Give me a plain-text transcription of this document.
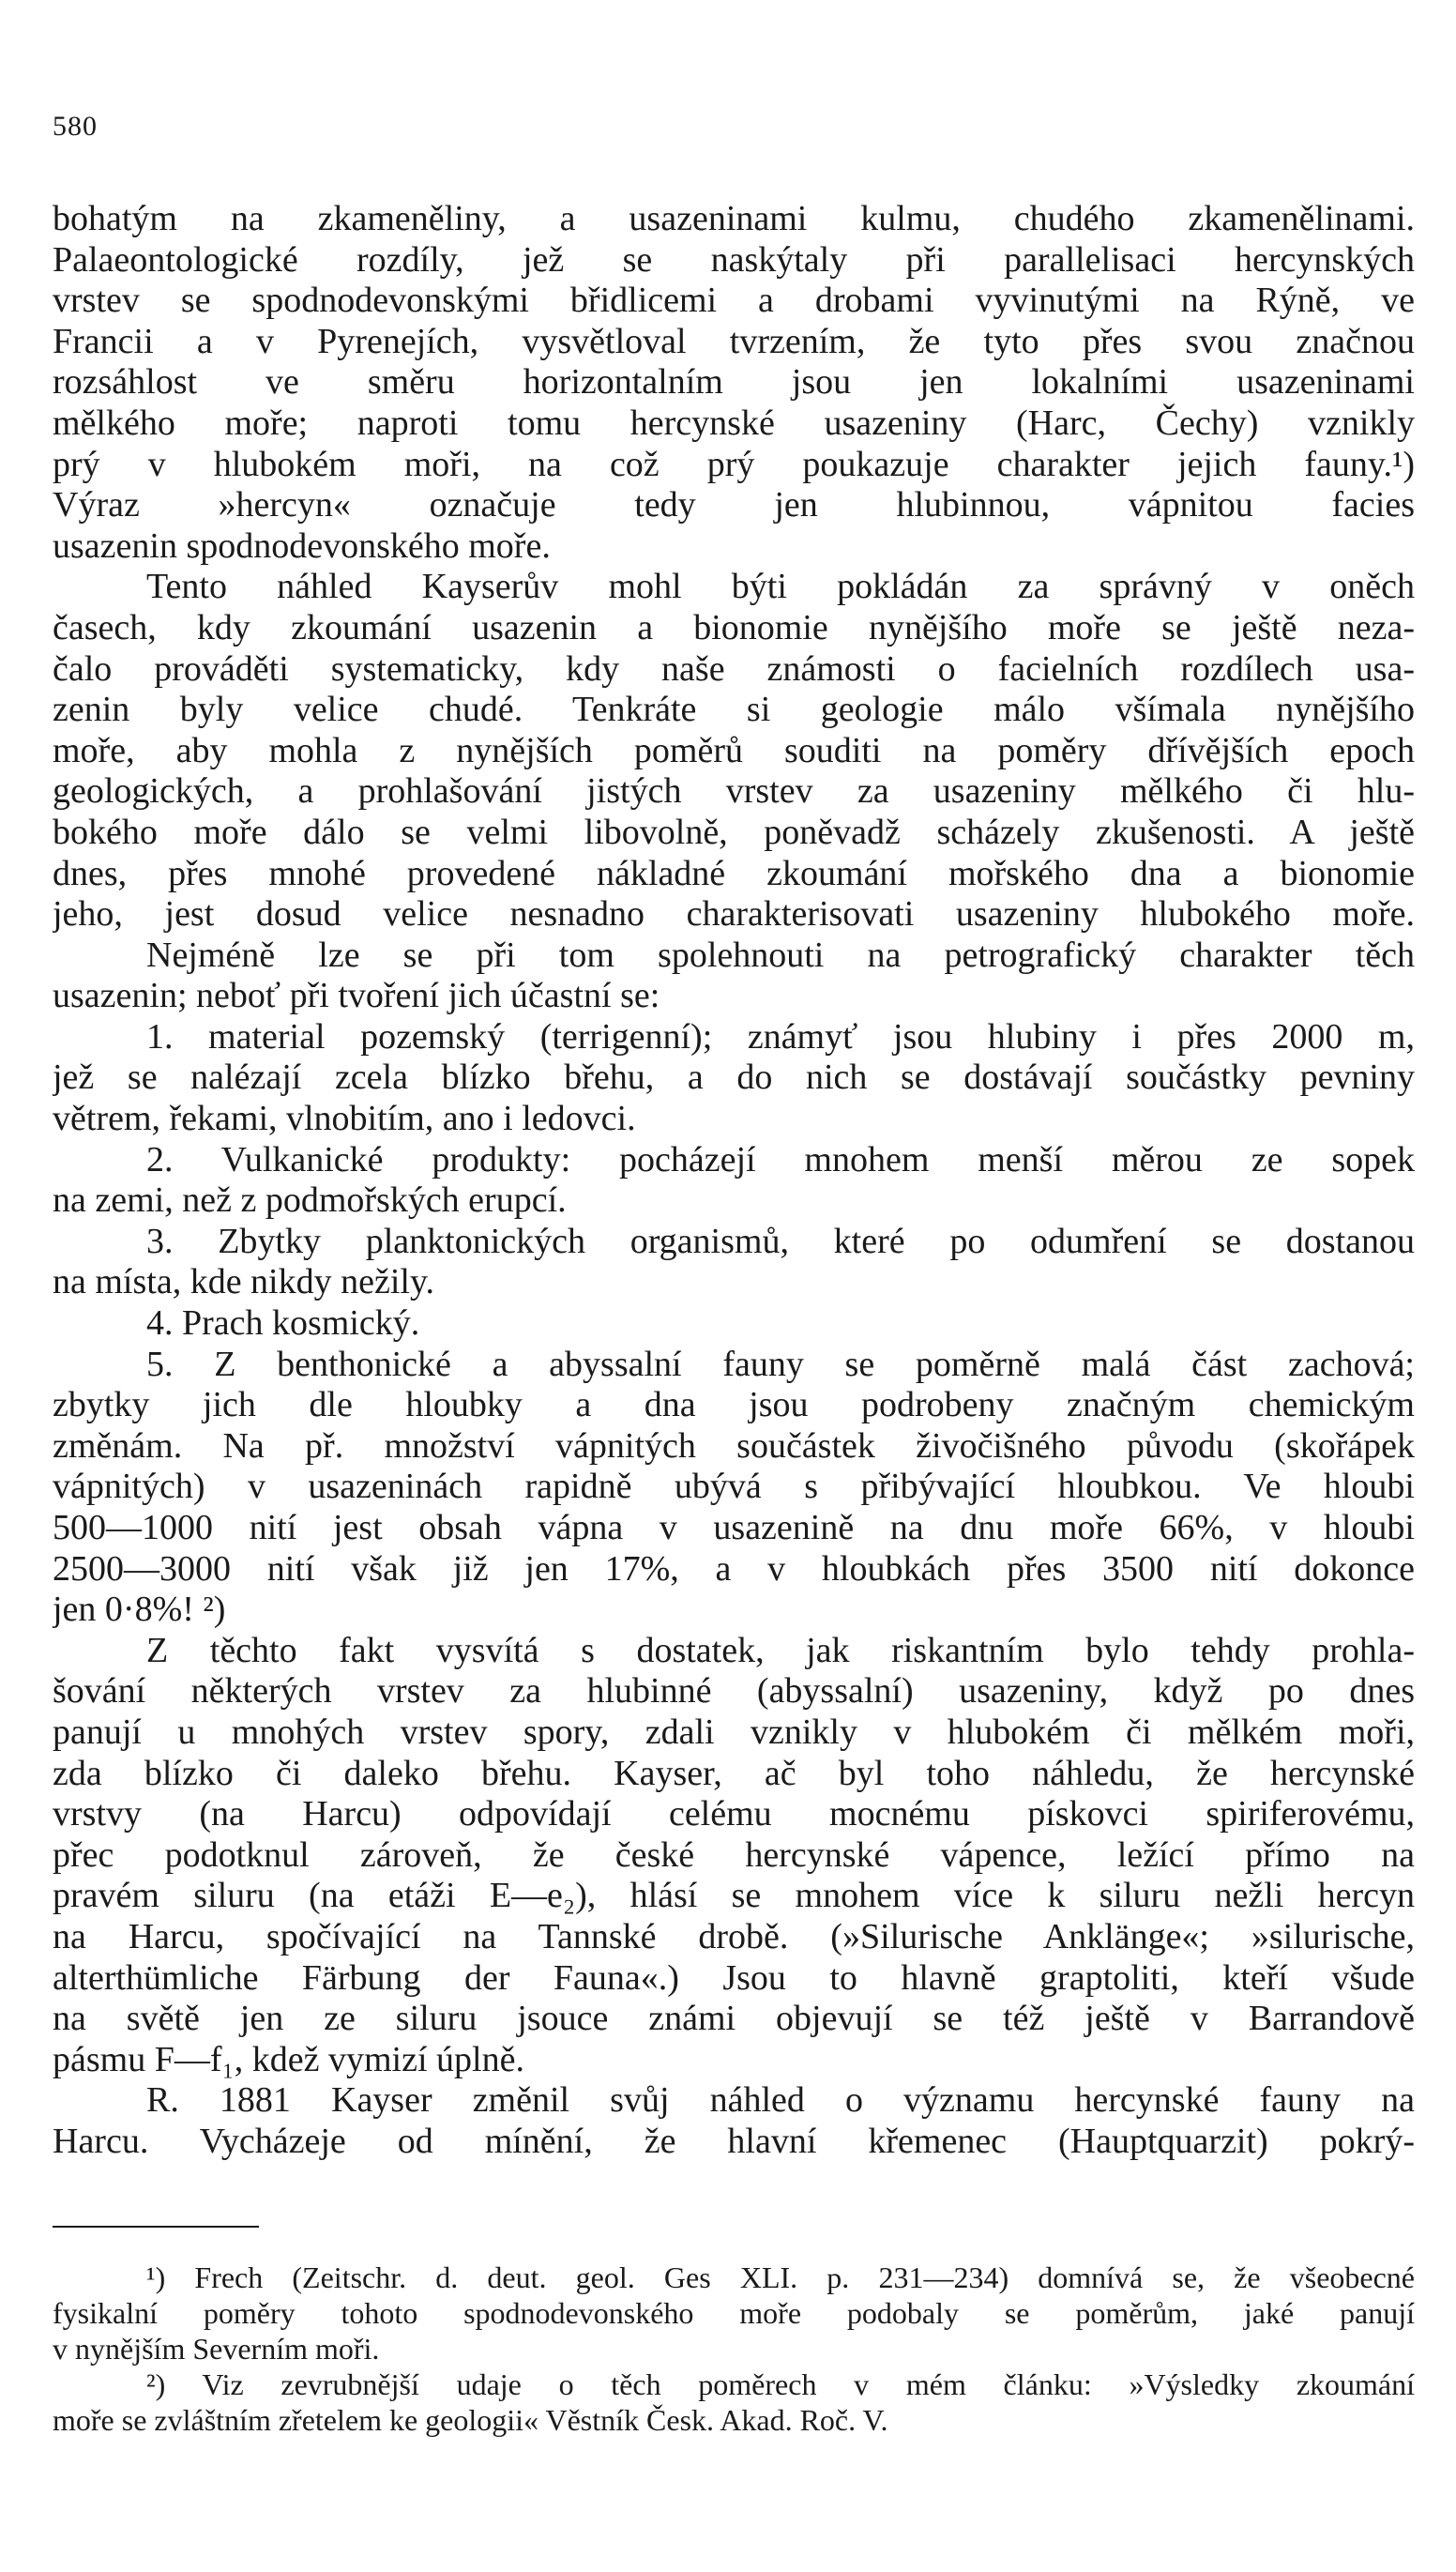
580
bohatým na zkameněliny, a usazeninami kulmu, chudého zkamenělinami.
Palaeontologické rozdíly, jež se naskýtaly při parallelisaci hercynských
vrstev se spodnodevonskými břidlicemi a drobami vyvinutými na Rýně, ve
Francii a v Pyrenejích, vysvětloval tvrzením, že tyto přes svou značnou
rozsáhlost ve směru horizontalním jsou jen lokalními usazeninami
mělkého moře; naproti tomu hercynské usazeniny (Harc, Čechy) vznikly
prý v hlubokém moři, na což prý poukazuje charakter jejich fauny.¹)
Výraz »hercyn« označuje tedy jen hlubinnou, vápnitou facies
usazenin spodnodevonského moře.
Tento náhled Kayserův mohl býti pokládán za správný v oněch
časech, kdy zkoumání usazenin a bionomie nynějšího moře se ještě neza-
čalo prováděti systematicky, kdy naše známosti o facielních rozdílech usa-
zenin byly velice chudé. Tenkráte si geologie málo všímala nynějšího
moře, aby mohla z nynějších poměrů souditi na poměry dřívějších epoch
geologických, a prohlašování jistých vrstev za usazeniny mělkého či hlu-
bokého moře dálo se velmi libovolně, poněvadž scházely zkušenosti. A ještě
dnes, přes mnohé provedené nákladné zkoumání mořského dna a bionomie
jeho, jest dosud velice nesnadno charakterisovati usazeniny hlubokého moře.
Nejméně lze se při tom spolehnouti na petrografický charakter těch
usazenin; neboť při tvoření jich účastní se:
1. material pozemský (terrigenní); známyť jsou hlubiny i přes 2000 m,
jež se nalézají zcela blízko břehu, a do nich se dostávají součástky pevniny
větrem, řekami, vlnobitím, ano i ledovci.
2. Vulkanické produkty: pocházejí mnohem menší měrou ze sopek
na zemi, než z podmořských erupcí.
3. Zbytky planktonických organismů, které po odumření se dostanou
na místa, kde nikdy nežily.
4. Prach kosmický.
5. Z benthonické a abyssalní fauny se poměrně malá část zachová;
zbytky jich dle hloubky a dna jsou podrobeny značným chemickým
změnám. Na př. množství vápnitých součástek živočišného původu (skořápek
vápnitých) v usazeninách rapidně ubývá s přibývající hloubkou. Ve hloubi
500—1000 nití jest obsah vápna v usazenině na dnu moře 66%, v hloubi
2500—3000 nití však již jen 17%, a v hloubkách přes 3500 nití dokonce
jen 0·8%! ²)
Z těchto fakt vysvítá s dostatek, jak riskantním bylo tehdy prohla-
šování některých vrstev za hlubinné (abyssalní) usazeniny, když po dnes
panují u mnohých vrstev spory, zdali vznikly v hlubokém či mělkém moři,
zda blízko či daleko břehu. Kayser, ač byl toho náhledu, že hercynské
vrstvy (na Harcu) odpovídají celému mocnému pískovci spiriferovému,
přec podotknul zároveň, že české hercynské vápence, ležící přímo na
pravém siluru (na etáži E—e₂), hlásí se mnohem více k siluru nežli hercyn
na Harcu, spočívající na Tannské drobě. (»Silurische Anklänge«; »silurische,
alterthümliche Färbung der Fauna«.) Jsou to hlavně graptoliti, kteří všude
na světě jen ze siluru jsouce známi objevují se též ještě v Barrandově
pásmu F—f₁, kdež vymizí úplně.
R. 1881 Kayser změnil svůj náhled o významu hercynské fauny na
Harcu. Vycházeje od mínění, že hlavní křemenec (Hauptquarzit) pokrý-
¹) Frech (Zeitschr. d. deut. geol. Ges XLI. p. 231—234) domnívá se, že všeobecné
fysikalní poměry tohoto spodnodevonského moře podobaly se poměrům, jaké panují
v nynějším Severním moři.
²) Viz zevrubnější udaje o těch poměrech v mém článku: »Výsledky zkoumání
moře se zvláštním zřetelem ke geologii« Věstník Česk. Akad. Roč. V.
